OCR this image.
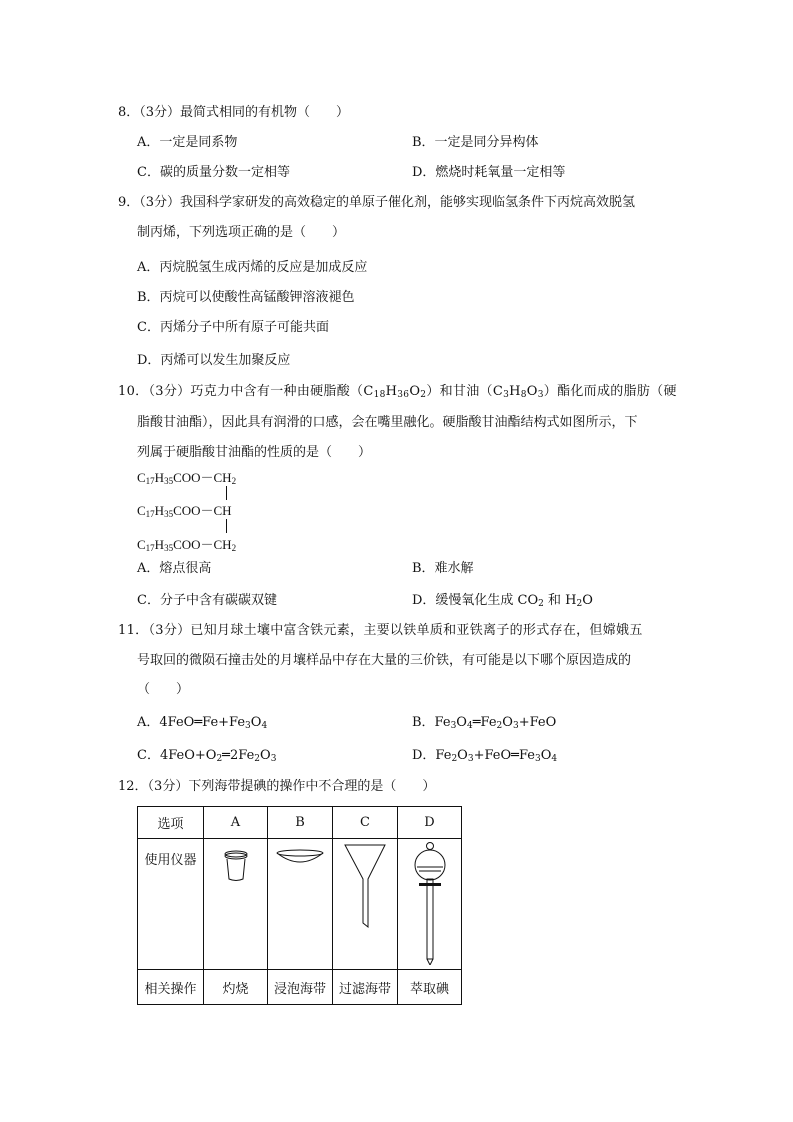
8．（3分）最简式相同的有机物（　　）
A．一定是同系物	B．一定是同分异构体
C．碳的质量分数一定相等	D．燃烧时耗氧量一定相等
9．（3分）我国科学家研发的高效稳定的单原子催化剂，能够实现临氢条件下丙烷高效脱氢
制丙烯，下列选项正确的是（　　）
A．丙烷脱氢生成丙烯的反应是加成反应
B．丙烷可以使酸性高锰酸钾溶液褪色
C．丙烯分子中所有原子可能共面
D．丙烯可以发生加聚反应
10．（3分）巧克力中含有一种由硬脂酸$(C_{18}H_{36}O_2)$和甘油$(C_3H_8O_3)$酯化而成的脂肪（硬
脂酸甘油酯），因此具有润滑的口感，会在嘴里融化。硬脂酸甘油酯结构式如图所示，下
列属于硬脂酸甘油酯的性质的是（　　）
$C_{17}H_{35}COO-CH_2$
$C_{17}H_{35}COO-CH$
$C_{17}H_{35}COO-CH_2$
A．熔点很高	B．难水解
C．分子中含有碳碳双键	D．缓慢氧化生成 $CO_2$ 和 $H_2O$
11．（3分）已知月球土壤中富含铁元素，主要以铁单质和亚铁离子的形式存在，但嫦娥五
号取回的微陨石撞击处的月壤样品中存在大量的三价铁，有可能是以下哪个原因造成的
（　　）
A．$4FeO═Fe+Fe_3O_4$	B．$Fe_3O_4═Fe_2O_3+FeO$
C．$4FeO+O_2═2Fe_2O_3$	D．$Fe_2O_3+FeO═Fe_3O_4$
12．（3分）下列海带提碘的操作中不合理的是（　　）
选项	A	B	C	D
使用仪器				
相关操作	灼烧	浸泡海带	过滤海带	萃取碘
